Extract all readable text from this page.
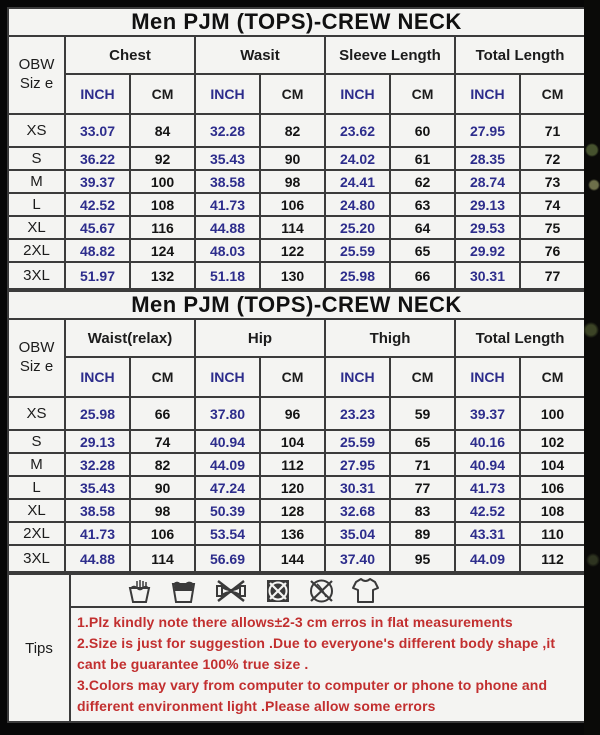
Men PJM (TOPS)-CREW NECK								

OBW
Siz e	Chest		Wasit		Sleeve Length		Total Length	
	INCH	CM	INCH	CM	INCH	CM	INCH	CM
XS	33.07	84	32.28	82	23.62	60	27.95	71
S	36.22	92	35.43	90	24.02	61	28.35	72
M	39.37	100	38.58	98	24.41	62	28.74	73
L	42.52	108	41.73	106	24.80	63	29.13	74
XL	45.67	116	44.88	114	25.20	64	29.53	75
2XL	48.82	124	48.03	122	25.59	65	29.92	76
3XL	51.97	132	51.18	130	25.98	66	30.31	77
Men PJM (TOPS)-CREW NECK								

OBW
Siz e	Waist(relax)		Hip		Thigh		Total Length	
	INCH	CM	INCH	CM	INCH	CM	INCH	CM
XS	25.98	66	37.80	96	23.23	59	39.37	100
S	29.13	74	40.94	104	25.59	65	40.16	102
M	32.28	82	44.09	112	27.95	71	40.94	104
L	35.43	90	47.24	120	30.31	77	41.73	106
XL	38.58	98	50.39	128	32.68	83	42.52	108
2XL	41.73	106	53.54	136	35.04	89	43.31	110
3XL	44.88	114	56.69	144	37.40	95	44.09	112
Tips	

1.Plz kindly note there allows±2-3 cm erros in flat measurements
2.Size is just for suggestion .Due to everyone's different body shape ,it cant be guarantee 100% true size .
3.Colors may vary from computer to computer or phone to phone and different environment light .Please allow some errors
